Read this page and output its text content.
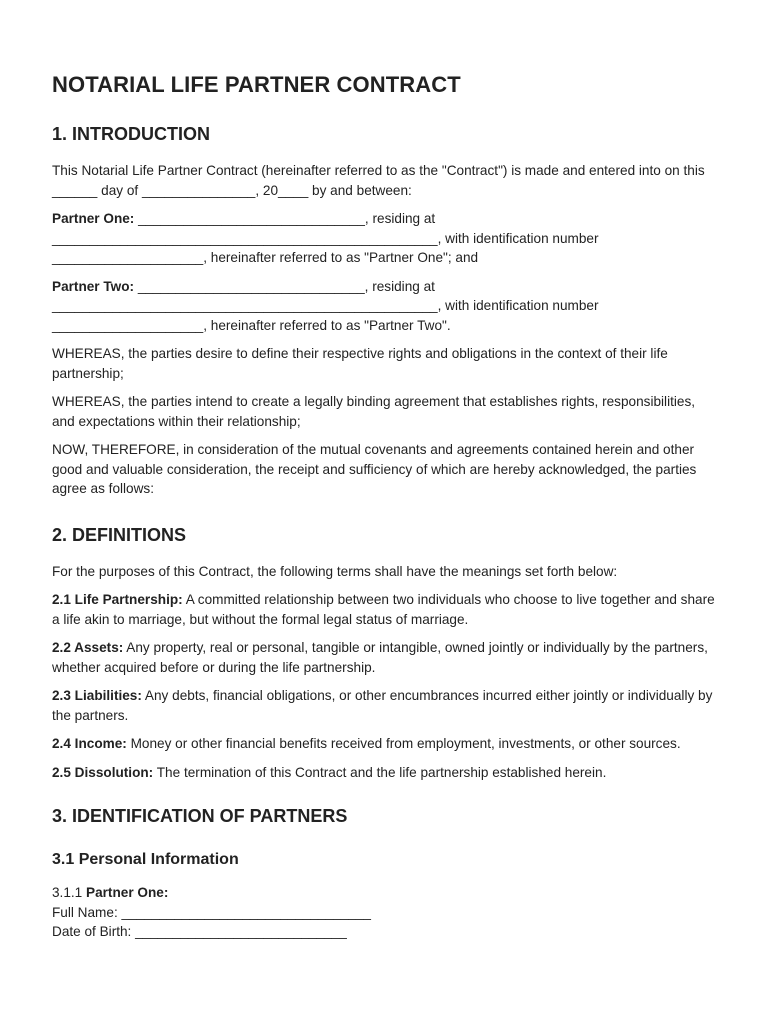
NOTARIAL LIFE PARTNER CONTRACT
1. INTRODUCTION

This Notarial Life Partner Contract (hereinafter referred to as the "Contract") is made and entered into on this ______ day of _______________, 20____ by and between:

Partner One: ______________________________, residing at ___________________________________________________, with identification number ____________________, hereinafter referred to as "Partner One"; and

Partner Two: ______________________________, residing at ___________________________________________________, with identification number ____________________, hereinafter referred to as "Partner Two".

WHEREAS, the parties desire to define their respective rights and obligations in the context of their life partnership;

WHEREAS, the parties intend to create a legally binding agreement that establishes rights, responsibilities, and expectations within their relationship;

NOW, THEREFORE, in consideration of the mutual covenants and agreements contained herein and other good and valuable consideration, the receipt and sufficiency of which are hereby acknowledged, the parties agree as follows:

2. DEFINITIONS

For the purposes of this Contract, the following terms shall have the meanings set forth below:

2.1 Life Partnership: A committed relationship between two individuals who choose to live together and share a life akin to marriage, but without the formal legal status of marriage.

2.2 Assets: Any property, real or personal, tangible or intangible, owned jointly or individually by the partners, whether acquired before or during the life partnership.

2.3 Liabilities: Any debts, financial obligations, or other encumbrances incurred either jointly or individually by the partners.

2.4 Income: Money or other financial benefits received from employment, investments, or other sources.

2.5 Dissolution: The termination of this Contract and the life partnership established herein.

3. IDENTIFICATION OF PARTNERS
3.1 Personal Information

3.1.1 Partner One:

Full Name: _________________________________

Date of Birth: ____________________________
